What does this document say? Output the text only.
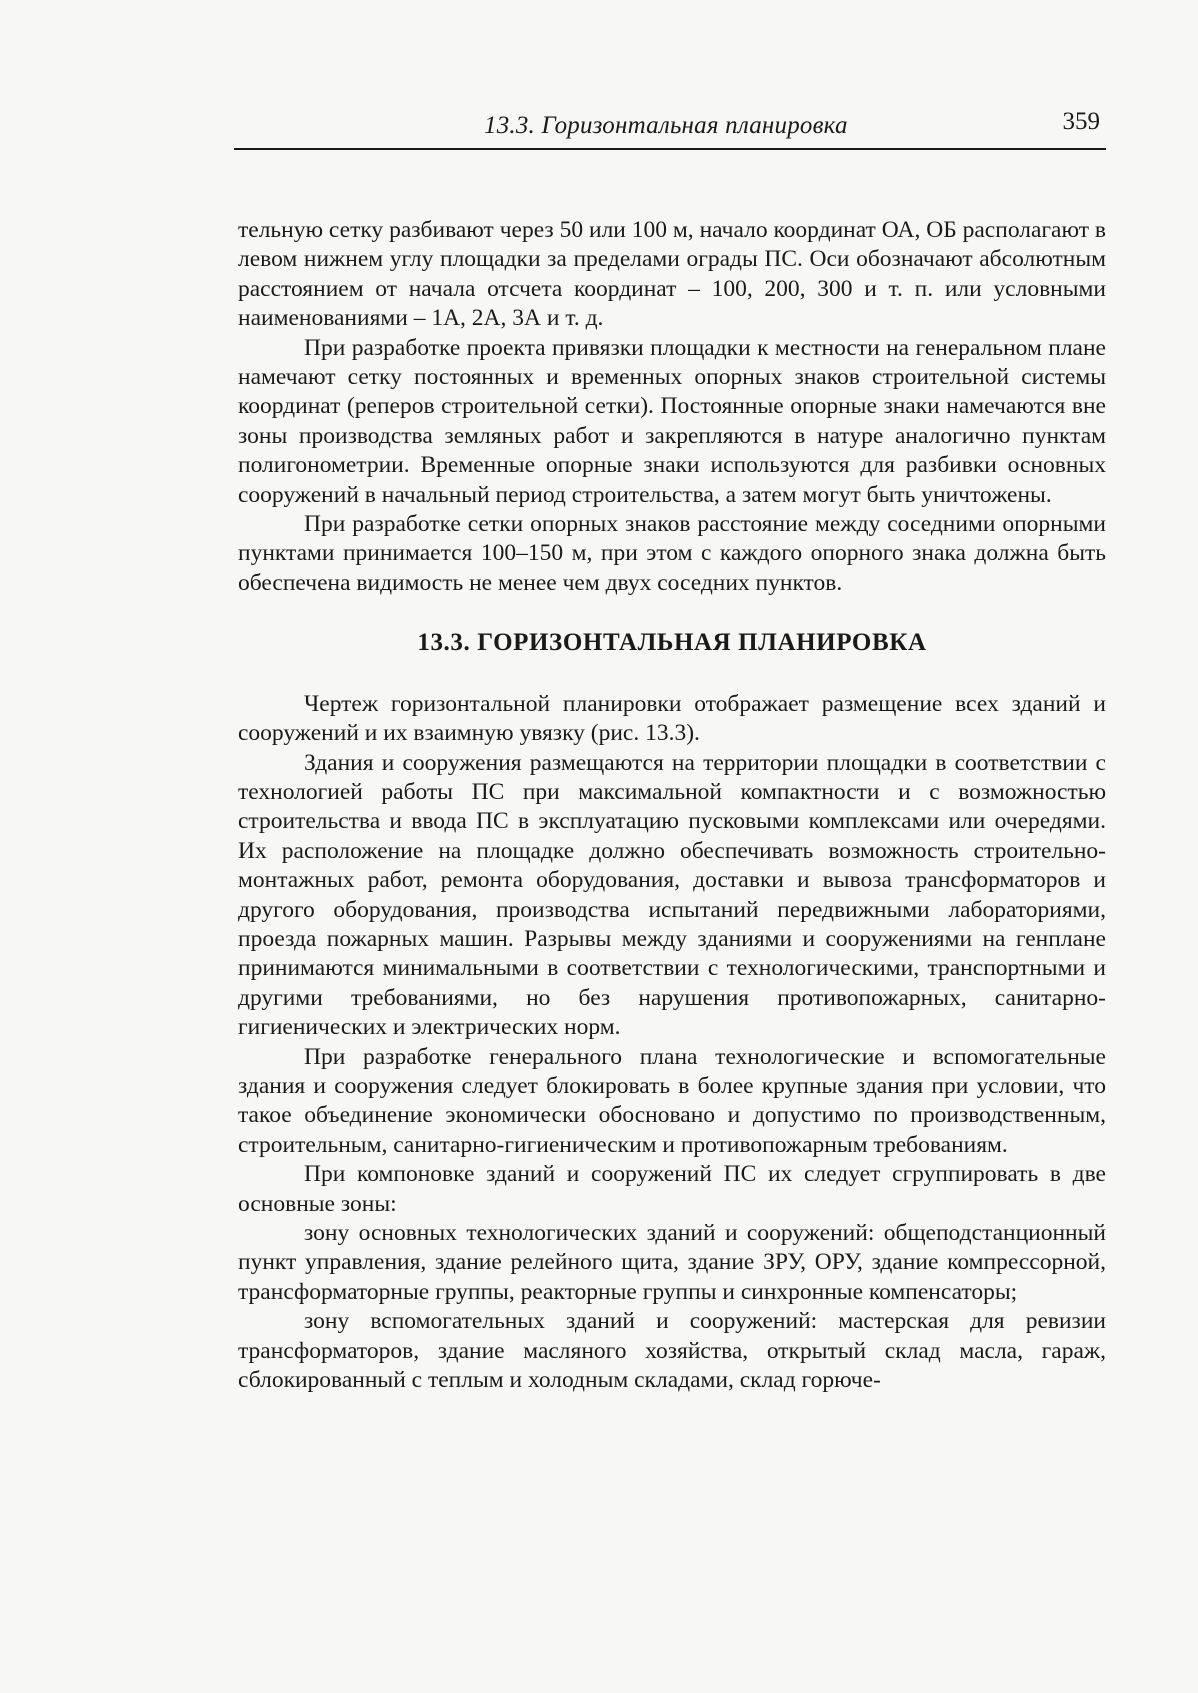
13.3. Горизонтальная планировка	359

тельную сетку разбивают через 50 или 100 м, начало координат ОА, ОБ располагают в левом нижнем углу площадки за пределами ограды ПС. Оси обозначают абсолютным расстоянием от начала отсчета координат – 100, 200, 300 и т. п. или условными наименованиями – 1А, 2А, 3А и т. д.

При разработке проекта привязки площадки к местности на генеральном плане намечают сетку постоянных и временных опорных знаков строительной системы координат (реперов строительной сетки). Постоянные опорные знаки намечаются вне зоны производства земляных работ и закрепляются в натуре аналогично пунктам полигонометрии. Временные опорные знаки используются для разбивки основных сооружений в начальный период строительства, а затем могут быть уничтожены.

При разработке сетки опорных знаков расстояние между соседними опорными пунктами принимается 100–150 м, при этом с каждого опорного знака должна быть обеспечена видимость не менее чем двух соседних пунктов.

13.3. ГОРИЗОНТАЛЬНАЯ ПЛАНИРОВКА

Чертеж горизонтальной планировки отображает размещение всех зданий и сооружений и их взаимную увязку (рис. 13.3).

Здания и сооружения размещаются на территории площадки в соответствии с технологией работы ПС при максимальной компактности и с возможностью строительства и ввода ПС в эксплуатацию пусковыми комплексами или очередями. Их расположение на площадке должно обеспечивать возможность строительно-монтажных работ, ремонта оборудования, доставки и вывоза трансформаторов и другого оборудования, производства испытаний передвижными лабораториями, проезда пожарных машин. Разрывы между зданиями и сооружениями на генплане принимаются минимальными в соответствии с технологическими, транспортными и другими требованиями, но без нарушения противопожарных, санитарно-гигиенических и электрических норм.

При разработке генерального плана технологические и вспомогательные здания и сооружения следует блокировать в более крупные здания при условии, что такое объединение экономически обосновано и допустимо по производственным, строительным, санитарно-гигиеническим и противопожарным требованиям.

При компоновке зданий и сооружений ПС их следует сгруппировать в две основные зоны:

зону основных технологических зданий и сооружений: общеподстанционный пункт управления, здание релейного щита, здание ЗРУ, ОРУ, здание компрессорной, трансформаторные группы, реакторные группы и синхронные компенсаторы;

зону вспомогательных зданий и сооружений: мастерская для ревизии трансформаторов, здание масляного хозяйства, открытый склад масла, гараж, сблокированный с теплым и холодным складами, склад горюче-
